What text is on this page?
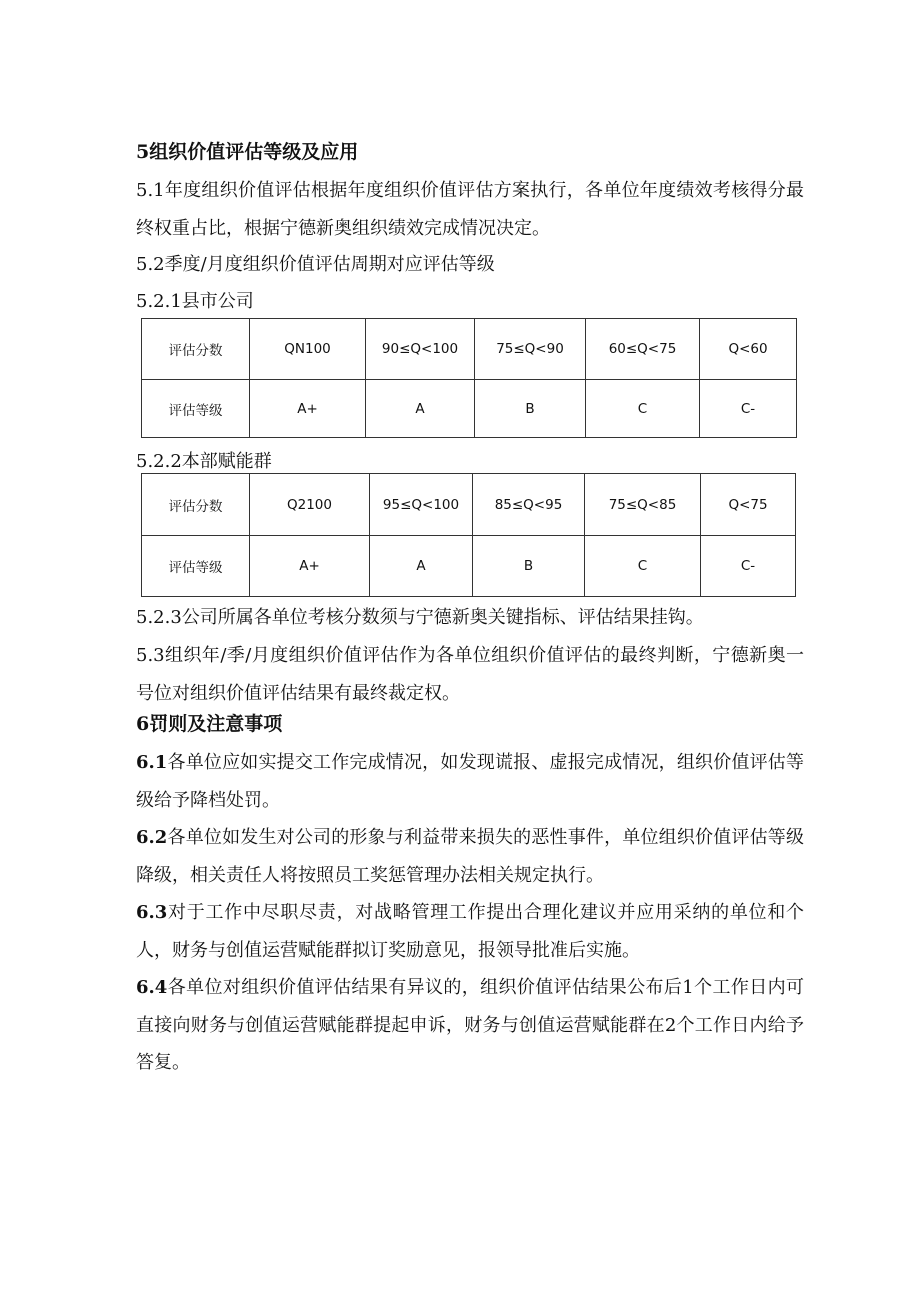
5组织价值评估等级及应用
5.1年度组织价值评估根据年度组织价值评估方案执行，各单位年度绩效考核得分最终权重占比，根据宁德新奥组织绩效完成情况决定。
5.2季度/月度组织价值评估周期对应评估等级
5.2.1县市公司
评估分数	QN100	90≤Q<100	75≤Q<90	60≤Q<75	Q<60
评估等级	A+	A	B	C	C-
5.2.2本部赋能群
评估分数	Q2100	95≤Q<100	85≤Q<95	75≤Q<85	Q<75
评估等级	A+	A	B	C	C-
5.2.3公司所属各单位考核分数须与宁德新奥关键指标、评估结果挂钩。
5.3组织年/季/月度组织价值评估作为各单位组织价值评估的最终判断，宁德新奥一号位对组织价值评估结果有最终裁定权。
6罚则及注意事项
6.1各单位应如实提交工作完成情况，如发现谎报、虚报完成情况，组织价值评估等级给予降档处罚。
6.2各单位如发生对公司的形象与利益带来损失的恶性事件，单位组织价值评估等级降级，相关责任人将按照员工奖惩管理办法相关规定执行。
6.3对于工作中尽职尽责，对战略管理工作提出合理化建议并应用采纳的单位和个人，财务与创值运营赋能群拟订奖励意见，报领导批准后实施。
6.4各单位对组织价值评估结果有异议的，组织价值评估结果公布后1个工作日内可直接向财务与创值运营赋能群提起申诉，财务与创值运营赋能群在2个工作日内给予答复。
